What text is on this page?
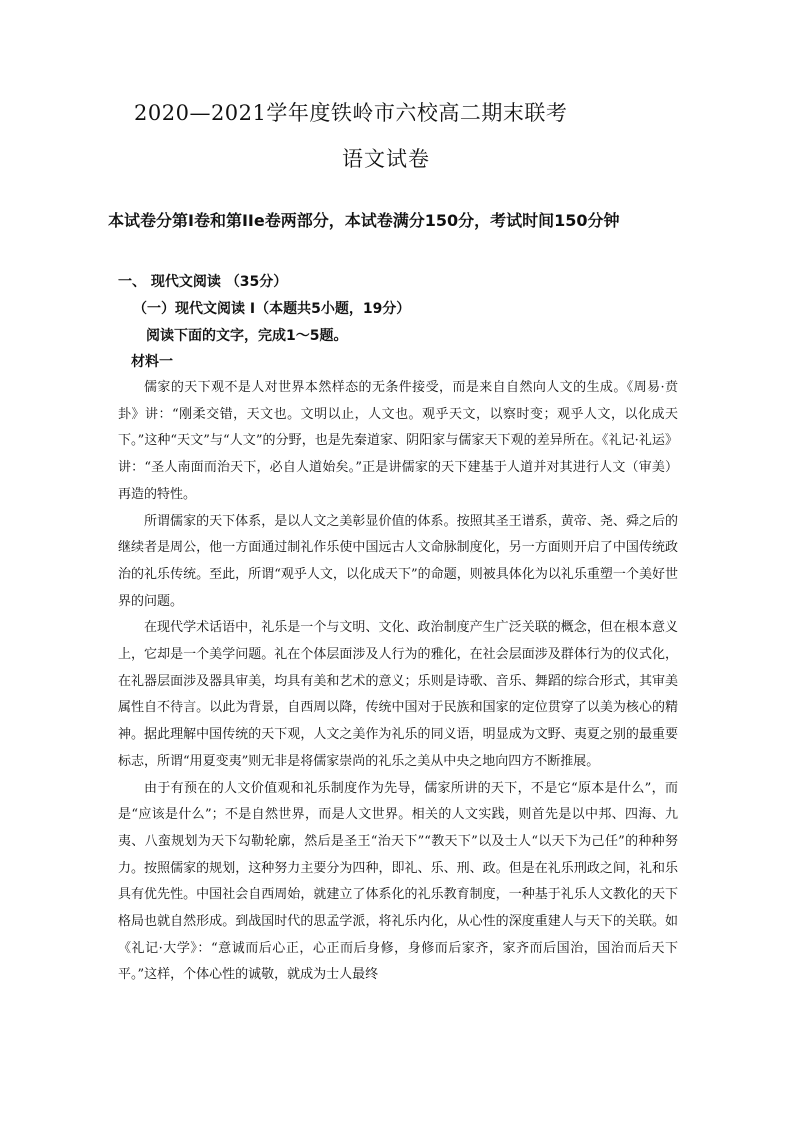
2020—2021学年度铁岭市六校高二期末联考
语文试卷
本试卷分第I卷和第IIe卷两部分，本试卷满分150分，考试时间150分钟
一、 现代文阅读 （35分）
（一）现代文阅读 I（本题共5小题，19分）
阅读下面的文字，完成1～5题。
材料一

儒家的天下观不是人对世界本然样态的无条件接受，而是来自自然向人文的生成。《周易·贲卦》讲：“刚柔交错，天文也。文明以止，人文也。观乎天文，以察时变；观乎人文，以化成天下。”这种“天文”与“人文”的分野，也是先秦道家、阴阳家与儒家天下观的差异所在。《礼记·礼运》讲：“圣人南面而治天下，必自人道始矣。”正是讲儒家的天下建基于人道并对其进行人文（审美）再造的特性。

所谓儒家的天下体系，是以人文之美彰显价值的体系。按照其圣王谱系，黄帝、尧、舜之后的继续者是周公，他一方面通过制礼作乐使中国远古人文命脉制度化，另一方面则开启了中国传统政治的礼乐传统。至此，所谓“观乎人文，以化成天下”的命题，则被具体化为以礼乐重塑一个美好世界的问题。

在现代学术话语中，礼乐是一个与文明、文化、政治制度产生广泛关联的概念，但在根本意义上，它却是一个美学问题。礼在个体层面涉及人行为的雅化，在社会层面涉及群体行为的仪式化，在礼器层面涉及器具审美，均具有美和艺术的意义；乐则是诗歌、音乐、舞蹈的综合形式，其审美属性自不待言。以此为背景，自西周以降，传统中国对于民族和国家的定位贯穿了以美为核心的精神。据此理解中国传统的天下观，人文之美作为礼乐的同义语，明显成为文野、夷夏之别的最重要标志，所谓“用夏变夷”则无非是将儒家崇尚的礼乐之美从中央之地向四方不断推展。

由于有预在的人文价值观和礼乐制度作为先导，儒家所讲的天下，不是它“原本是什么”，而是“应该是什么”；不是自然世界，而是人文世界。相关的人文实践，则首先是以中邦、四海、九夷、八蛮规划为天下勾勒轮廓，然后是圣王“治天下”“教天下”以及士人“以天下为己任”的种种努力。按照儒家的规划，这种努力主要分为四种，即礼、乐、刑、政。但是在礼乐刑政之间，礼和乐具有优先性。中国社会自西周始，就建立了体系化的礼乐教育制度，一种基于礼乐人文教化的天下格局也就自然形成。到战国时代的思孟学派，将礼乐内化，从心性的深度重建人与天下的关联。如《礼记·大学》：“意诚而后心正，心正而后身修，身修而后家齐，家齐而后国治，国治而后天下平。”这样，个体心性的诚敬，就成为士人最终
